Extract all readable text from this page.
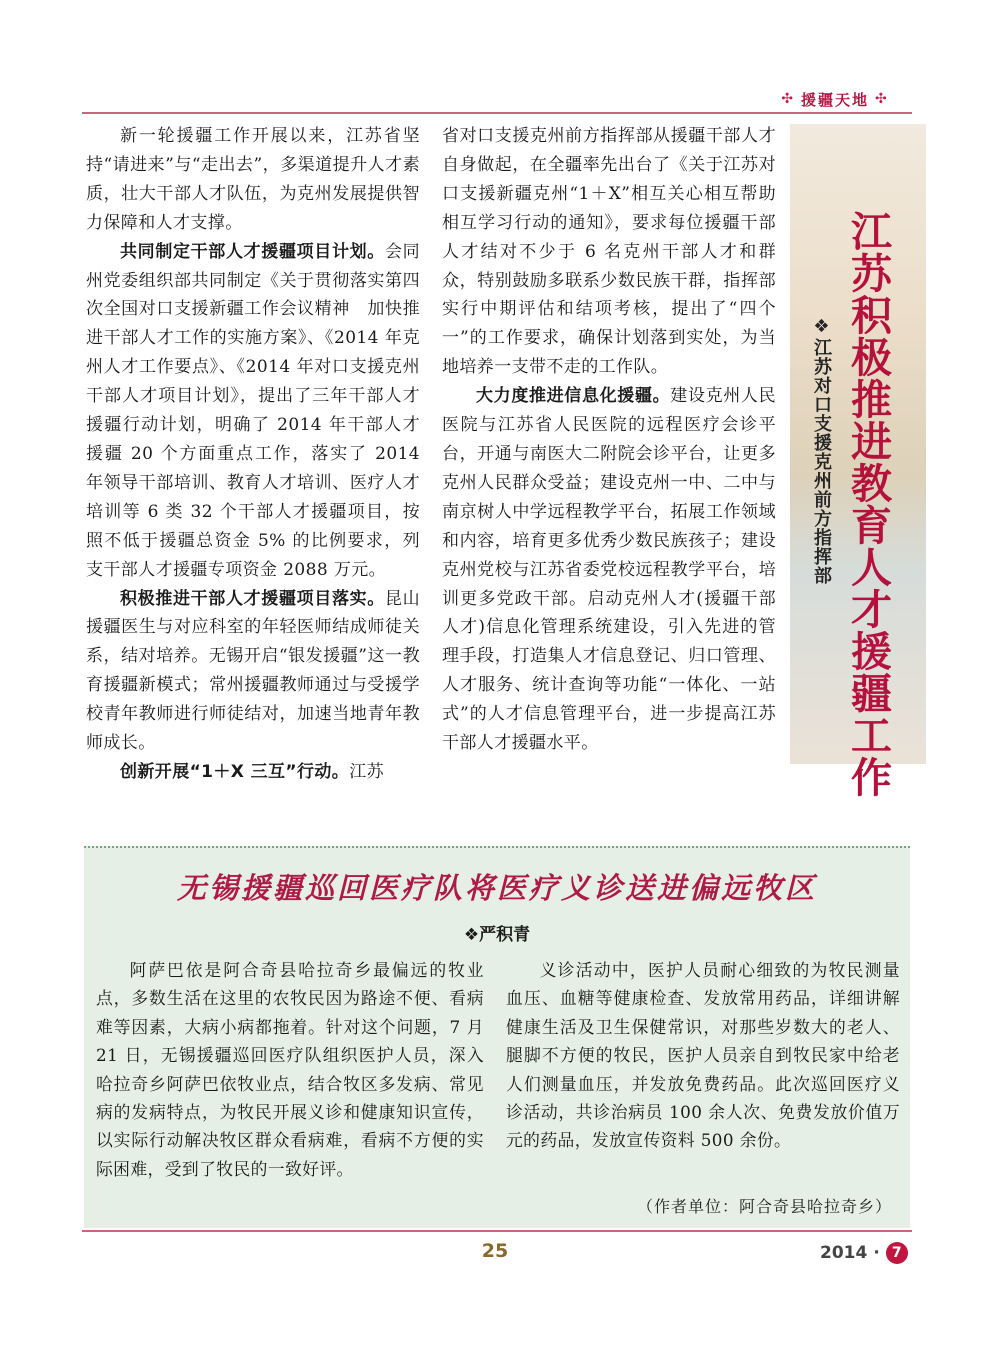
✣ 援疆天地 ✣
江苏积极推进教育人才援疆工作
❖江苏对口支援克州前方指挥部

新一轮援疆工作开展以来，江苏省坚持“请进来”与“走出去”，多渠道提升人才素质，壮大干部人才队伍，为克州发展提供智力保障和人才支撑。

共同制定干部人才援疆项目计划。会同州党委组织部共同制定《关于贯彻落实第四次全国对口支援新疆工作会议精神　加快推进干部人才工作的实施方案》、《2014 年克州人才工作要点》、《2014 年对口支援克州干部人才项目计划》，提出了三年干部人才援疆行动计划，明确了 2014 年干部人才援疆 20 个方面重点工作，落实了 2014 年领导干部培训、教育人才培训、医疗人才培训等 6 类 32 个干部人才援疆项目，按照不低于援疆总资金 5% 的比例要求，列支干部人才援疆专项资金 2088 万元。

积极推进干部人才援疆项目落实。昆山援疆医生与对应科室的年轻医师结成师徒关系，结对培养。无锡开启“银发援疆”这一教育援疆新模式；常州援疆教师通过与受援学校青年教师进行师徒结对，加速当地青年教师成长。

创新开展“1＋X 三互”行动。江苏

省对口支援克州前方指挥部从援疆干部人才自身做起，在全疆率先出台了《关于江苏对口支援新疆克州“1＋X”相互关心相互帮助相互学习行动的通知》，要求每位援疆干部人才结对不少于 6 名克州干部人才和群众，特别鼓励多联系少数民族干群，指挥部实行中期评估和结项考核，提出了“四个一”的工作要求，确保计划落到实处，为当地培养一支带不走的工作队。

大力度推进信息化援疆。建设克州人民医院与江苏省人民医院的远程医疗会诊平台，开通与南医大二附院会诊平台，让更多克州人民群众受益；建设克州一中、二中与南京树人中学远程教学平台，拓展工作领域和内容，培育更多优秀少数民族孩子；建设克州党校与江苏省委党校远程教学平台，培训更多党政干部。启动克州人才(援疆干部人才)信息化管理系统建设，引入先进的管理手段，打造集人才信息登记、归口管理、人才服务、统计查询等功能“一体化、一站式”的人才信息管理平台，进一步提高江苏干部人才援疆水平。

无锡援疆巡回医疗队将医疗义诊送进偏远牧区
❖严积青

阿萨巴依是阿合奇县哈拉奇乡最偏远的牧业点，多数生活在这里的农牧民因为路途不便、看病难等因素，大病小病都拖着。针对这个问题，7 月 21 日，无锡援疆巡回医疗队组织医护人员，深入哈拉奇乡阿萨巴依牧业点，结合牧区多发病、常见病的发病特点，为牧民开展义诊和健康知识宣传，以实际行动解决牧区群众看病难，看病不方便的实际困难，受到了牧民的一致好评。

义诊活动中，医护人员耐心细致的为牧民测量血压、血糖等健康检查、发放常用药品，详细讲解健康生活及卫生保健常识，对那些岁数大的老人、腿脚不方便的牧民，医护人员亲自到牧民家中给老人们测量血压，并发放免费药品。此次巡回医疗义诊活动，共诊治病员 100 余人次、免费发放价值万元的药品，发放宣传资料 500 余份。

（作者单位：阿合奇县哈拉奇乡）
25	2014 · 7
